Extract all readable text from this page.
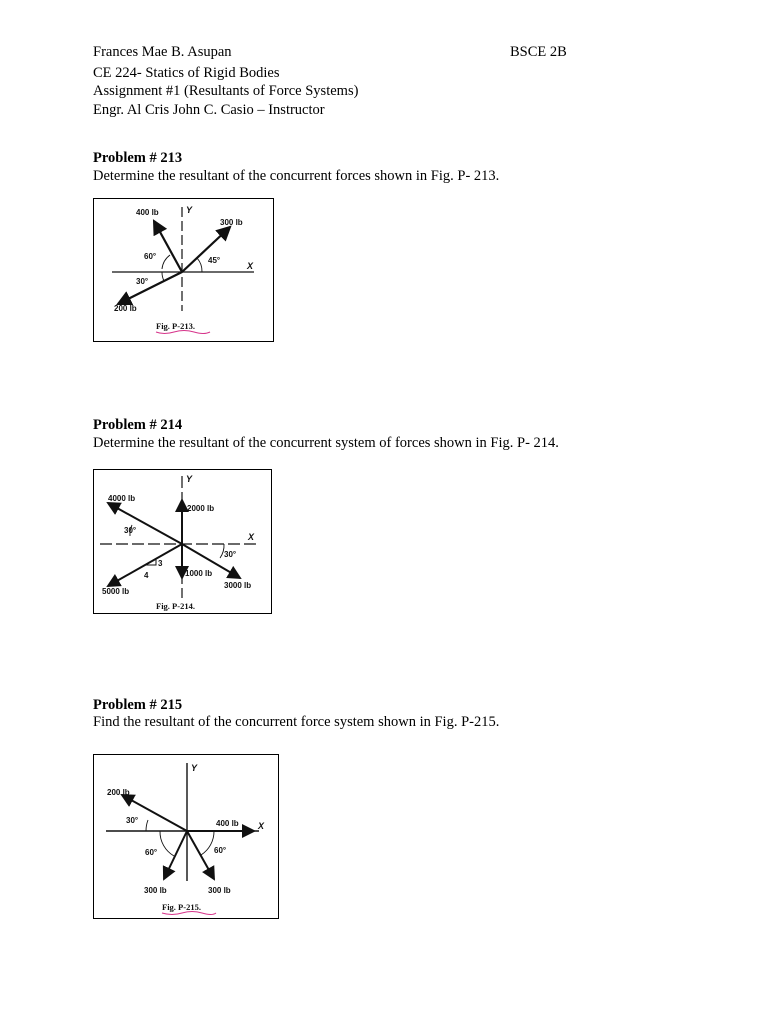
Frances Mae B. Asupan	BSCE 2B
CE 224- Statics of Rigid Bodies
Assignment #1 (Resultants of Force Systems)
Engr. Al Cris John C. Casio – Instructor
Problem # 213
Determine the resultant of the concurrent forces shown in Fig. P- 213.
Y
X
400 lb
300 lb
200 lb
60°	45°
30°
Fig. P-213.
Problem # 214
Determine the resultant of the concurrent system of forces shown in Fig. P- 214.
Y
X
4000 lb
2000 lb
30°
30°
3
4	1000 lb
3000 lb
5000 lb
Fig. P-214.
Problem # 215
Find the resultant of the concurrent force system shown in Fig. P-215.
Y
X
200 lb
30°	400 lb
60°	60°
300 lb	300 lb
Fig. P-215.
